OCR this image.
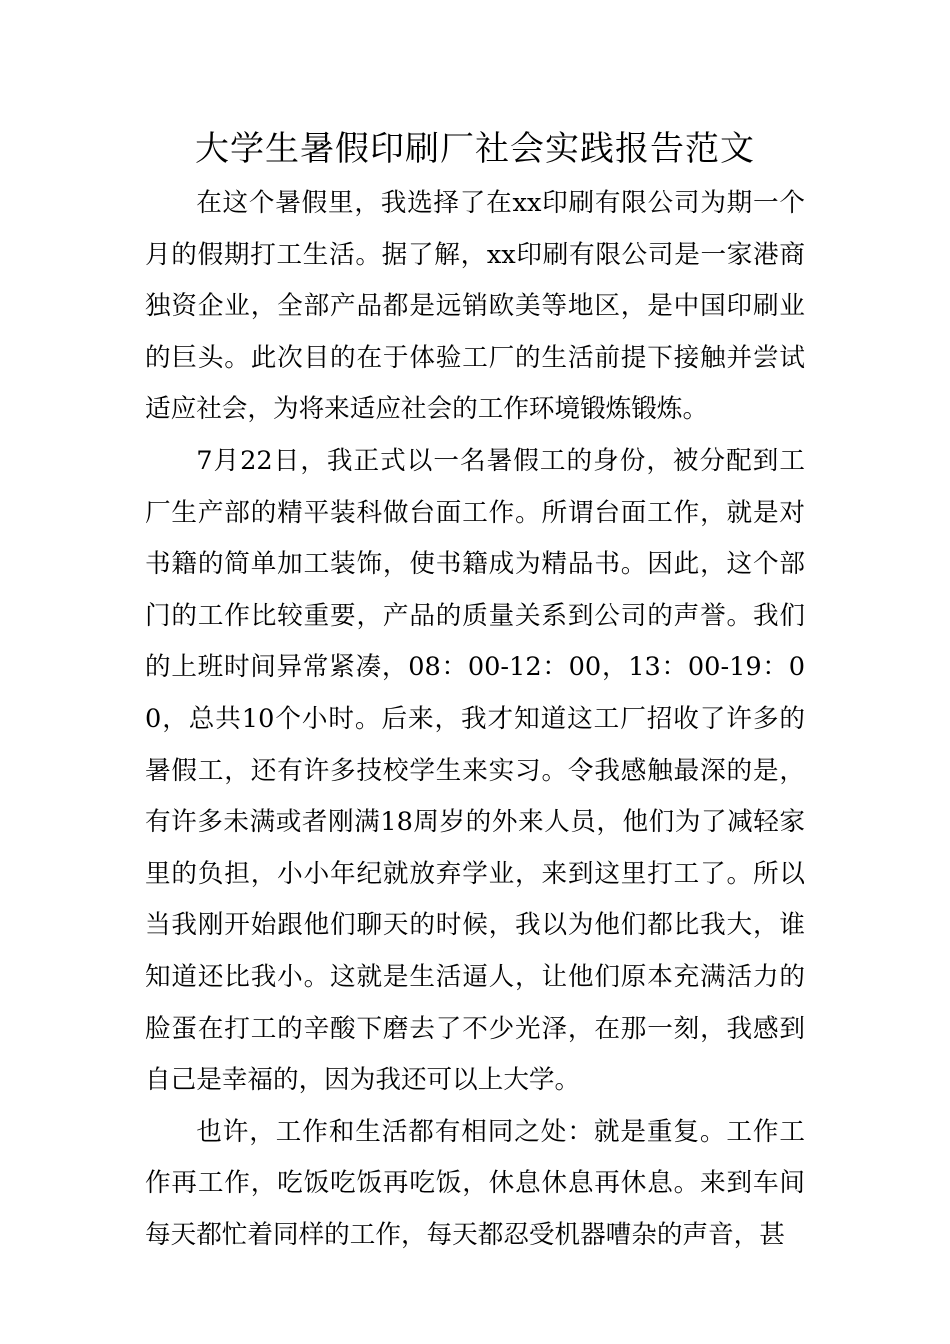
大学生暑假印刷厂社会实践报告范文

在这个暑假里，我选择了在xx印刷有限公司为期一个月的假期打工生活。据了解，xx印刷有限公司是一家港商独资企业，全部产品都是远销欧美等地区，是中国印刷业的巨头。此次目的在于体验工厂的生活前提下接触并尝试适应社会，为将来适应社会的工作环境锻炼锻炼。

7月22日，我正式以一名暑假工的身份，被分配到工厂生产部的精平装科做台面工作。所谓台面工作，就是对书籍的简单加工装饰，使书籍成为精品书。因此，这个部门的工作比较重要，产品的质量关系到公司的声誉。我们的上班时间异常紧凑，08：00-12：00，13：00-19：00，总共10个小时。后来，我才知道这工厂招收了许多的暑假工，还有许多技校学生来实习。令我感触最深的是，有许多未满或者刚满18周岁的外来人员，他们为了减轻家里的负担，小小年纪就放弃学业，来到这里打工了。所以当我刚开始跟他们聊天的时候，我以为他们都比我大，谁知道还比我小。这就是生活逼人，让他们原本充满活力的脸蛋在打工的辛酸下磨去了不少光泽，在那一刻，我感到自己是幸福的，因为我还可以上大学。

也许，工作和生活都有相同之处：就是重复。工作工作再工作，吃饭吃饭再吃饭，休息休息再休息。来到车间每天都忙着同样的工作，每天都忍受机器嘈杂的声音，甚
